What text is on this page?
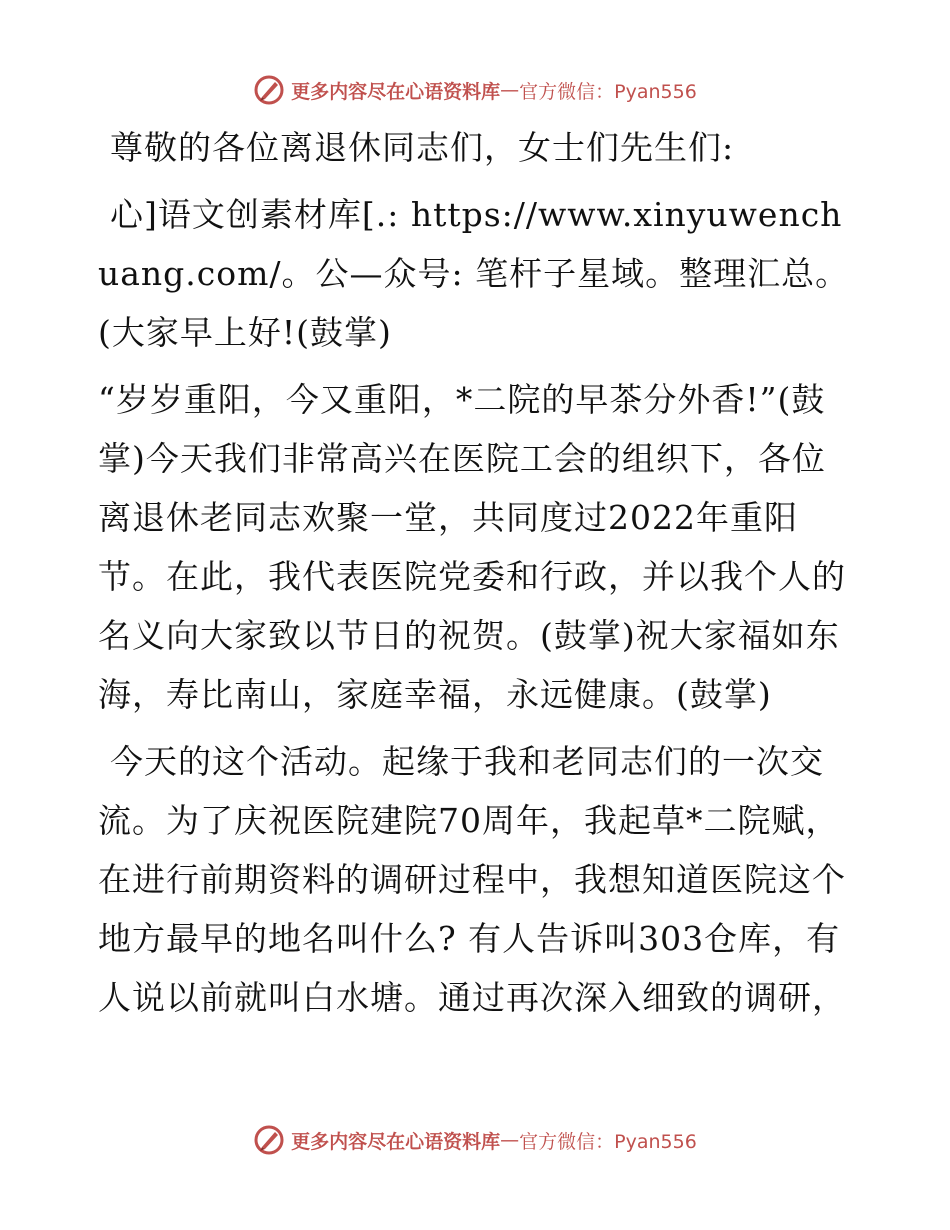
更多内容尽在心语资料库 — 官方微信：Pyan556

尊敬的各位离退休同志们，女士们先生们:

心]语文创素材库[.: https://www.xinyuwenchuang.com/。公—众号: 笔杆子星域。整理汇总。(大家早上好!(鼓掌)

“岁岁重阳，今又重阳，*二院的早茶分外香!”(鼓掌)今天我们非常高兴在医院工会的组织下，各位离退休老同志欢聚一堂，共同度过2022年重阳节。在此，我代表医院党委和行政，并以我个人的名义向大家致以节日的祝贺。(鼓掌)祝大家福如东海，寿比南山，家庭幸福，永远健康。(鼓掌)

今天的这个活动。起缘于我和老同志们的一次交流。为了庆祝医院建院70周年，我起草*二院赋，在进行前期资料的调研过程中，我想知道医院这个地方最早的地名叫什么? 有人告诉叫303仓库，有人说以前就叫白水塘。通过再次深入细致的调研，

更多内容尽在心语资料库 — 官方微信：Pyan556
